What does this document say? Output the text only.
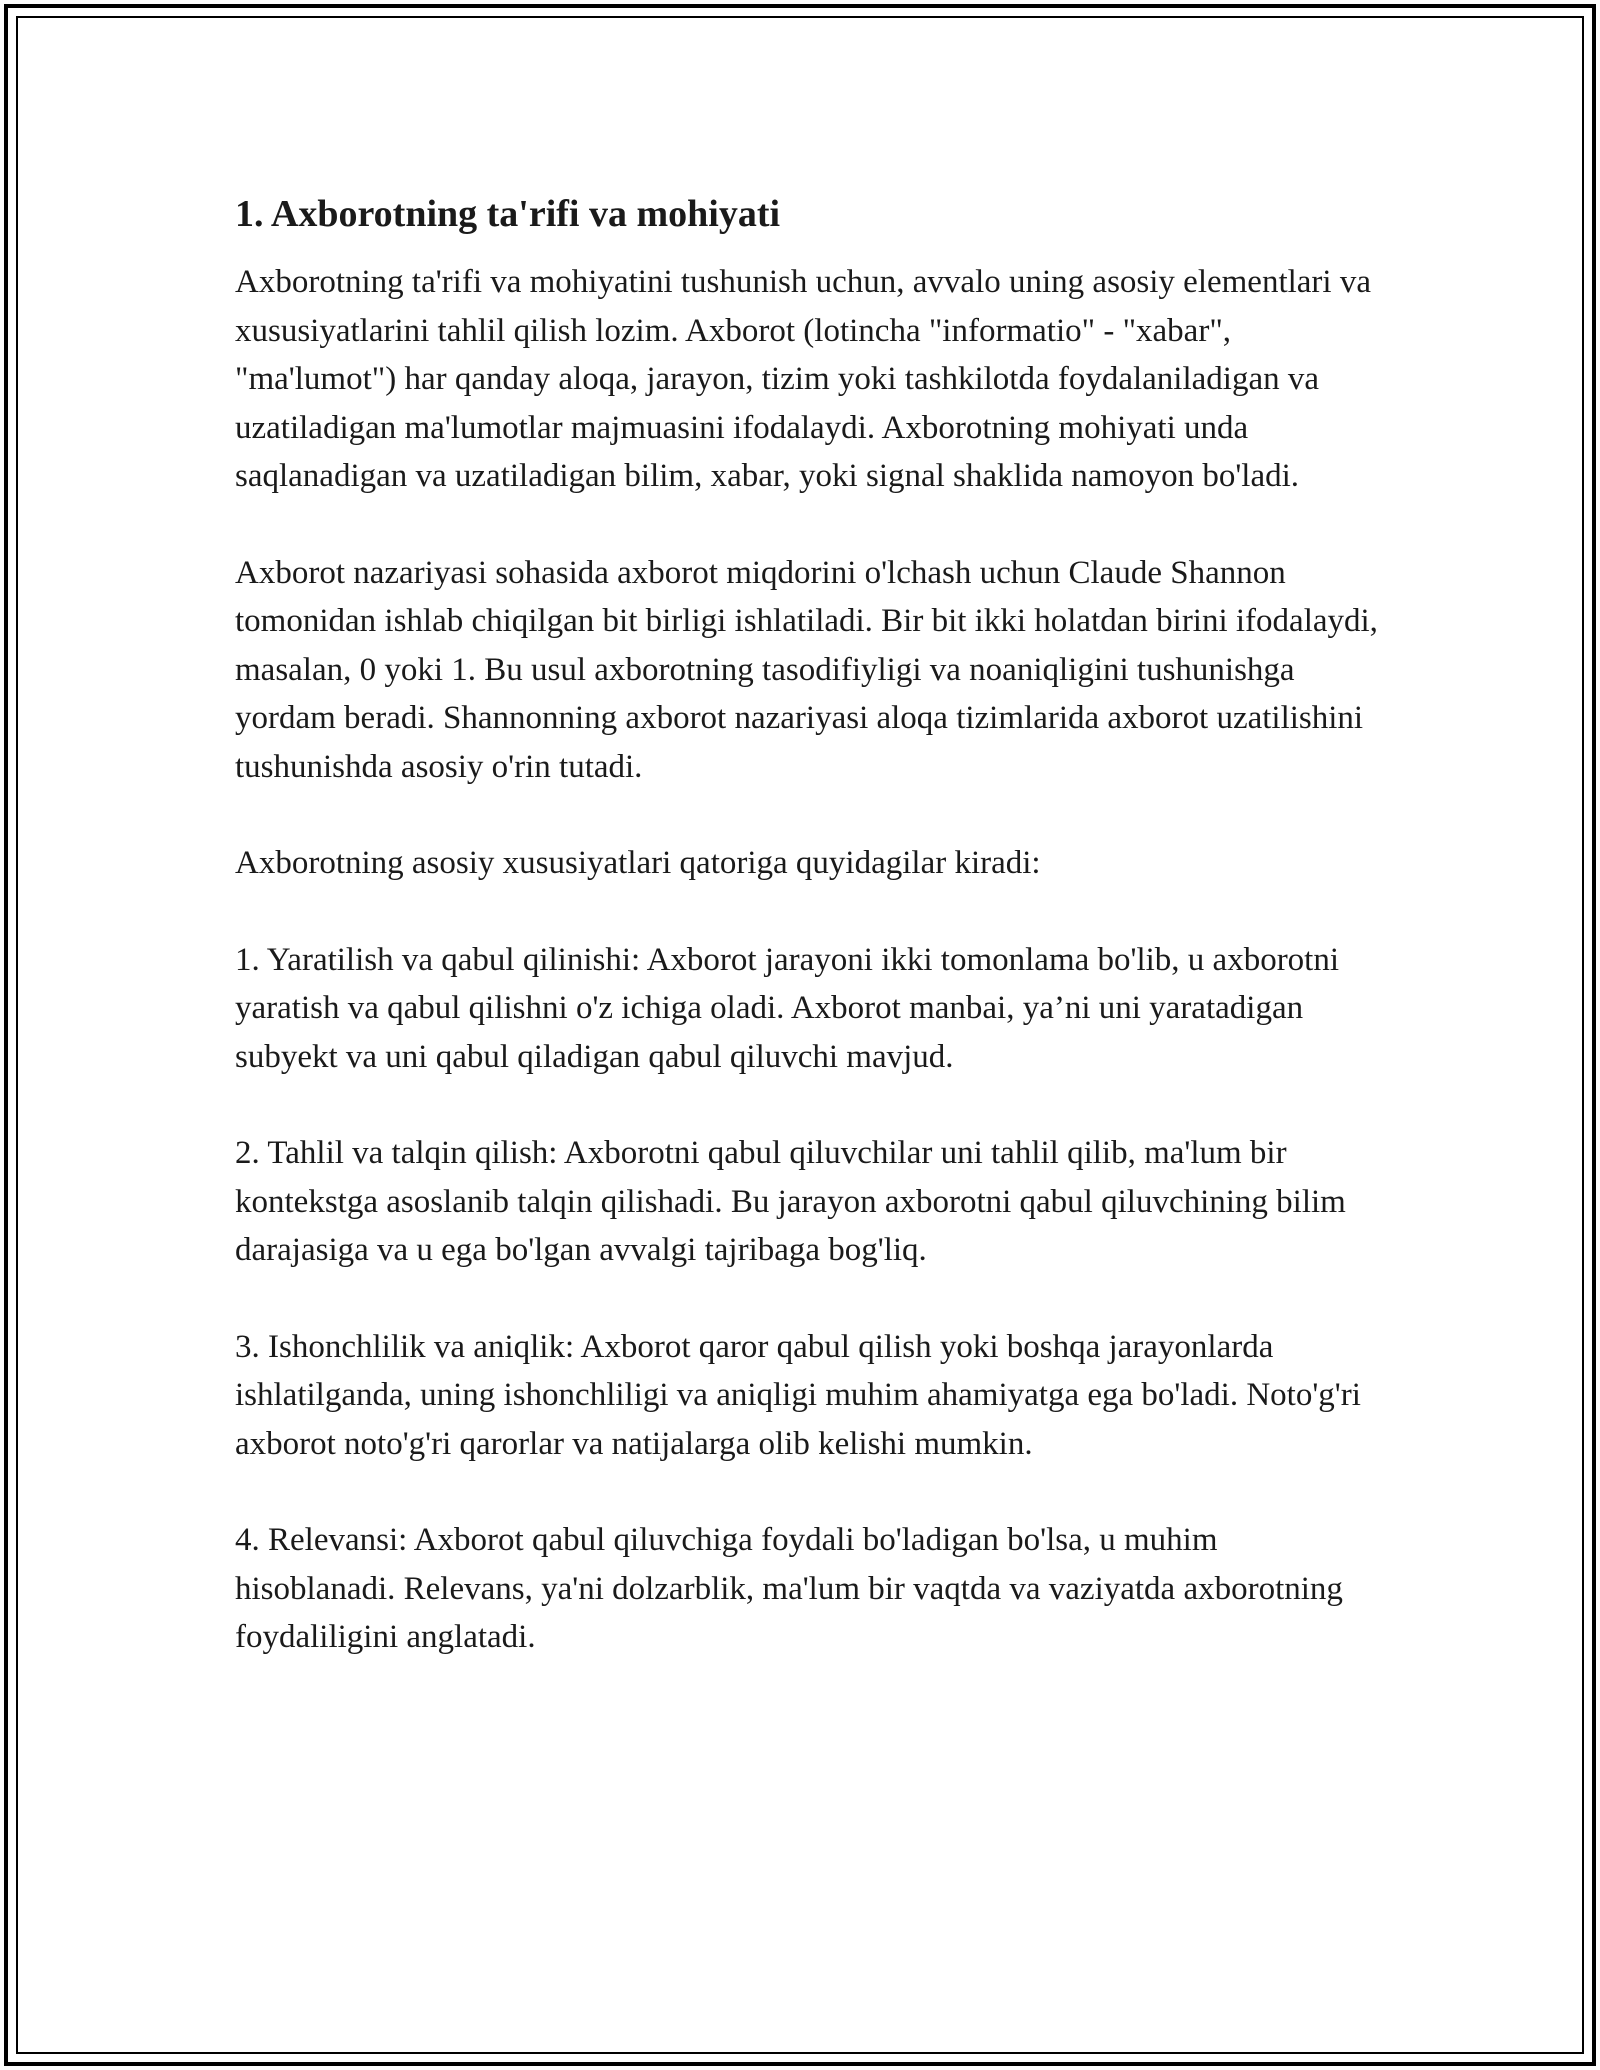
1. Axborotning ta'rifi va mohiyati

Axborotning ta'rifi va mohiyatini tushunish uchun, avvalo uning asosiy elementlari va xususiyatlarini tahlil qilish lozim. Axborot (lotincha "informatio" - "xabar", "ma'lumot") har qanday aloqa, jarayon, tizim yoki tashkilotda foydalaniladigan va uzatiladigan ma'lumotlar majmuasini ifodalaydi. Axborotning mohiyati unda saqlanadigan va uzatiladigan bilim, xabar, yoki signal shaklida namoyon bo'ladi.

Axborot nazariyasi sohasida axborot miqdorini o'lchash uchun Claude Shannon tomonidan ishlab chiqilgan bit birligi ishlatiladi. Bir bit ikki holatdan birini ifodalaydi, masalan, 0 yoki 1. Bu usul axborotning tasodifiyligi va noaniqligini tushunishga yordam beradi. Shannonning axborot nazariyasi aloqa tizimlarida axborot uzatilishini tushunishda asosiy o'rin tutadi.

Axborotning asosiy xususiyatlari qatoriga quyidagilar kiradi:

1. Yaratilish va qabul qilinishi: Axborot jarayoni ikki tomonlama bo'lib, u axborotni yaratish va qabul qilishni o'z ichiga oladi. Axborot manbai, ya’ni uni yaratadigan subyekt va uni qabul qiladigan qabul qiluvchi mavjud.

2. Tahlil va talqin qilish: Axborotni qabul qiluvchilar uni tahlil qilib, ma'lum bir kontekstga asoslanib talqin qilishadi. Bu jarayon axborotni qabul qiluvchining bilim darajasiga va u ega bo'lgan avvalgi tajribaga bog'liq.

3. Ishonchlilik va aniqlik: Axborot qaror qabul qilish yoki boshqa jarayonlarda ishlatilganda, uning ishonchliligi va aniqligi muhim ahamiyatga ega bo'ladi. Noto'g'ri axborot noto'g'ri qarorlar va natijalarga olib kelishi mumkin.

4. Relevansi: Axborot qabul qiluvchiga foydali bo'ladigan bo'lsa, u muhim hisoblanadi. Relevans, ya'ni dolzarblik, ma'lum bir vaqtda va vaziyatda axborotning foydaliligini anglatadi.
